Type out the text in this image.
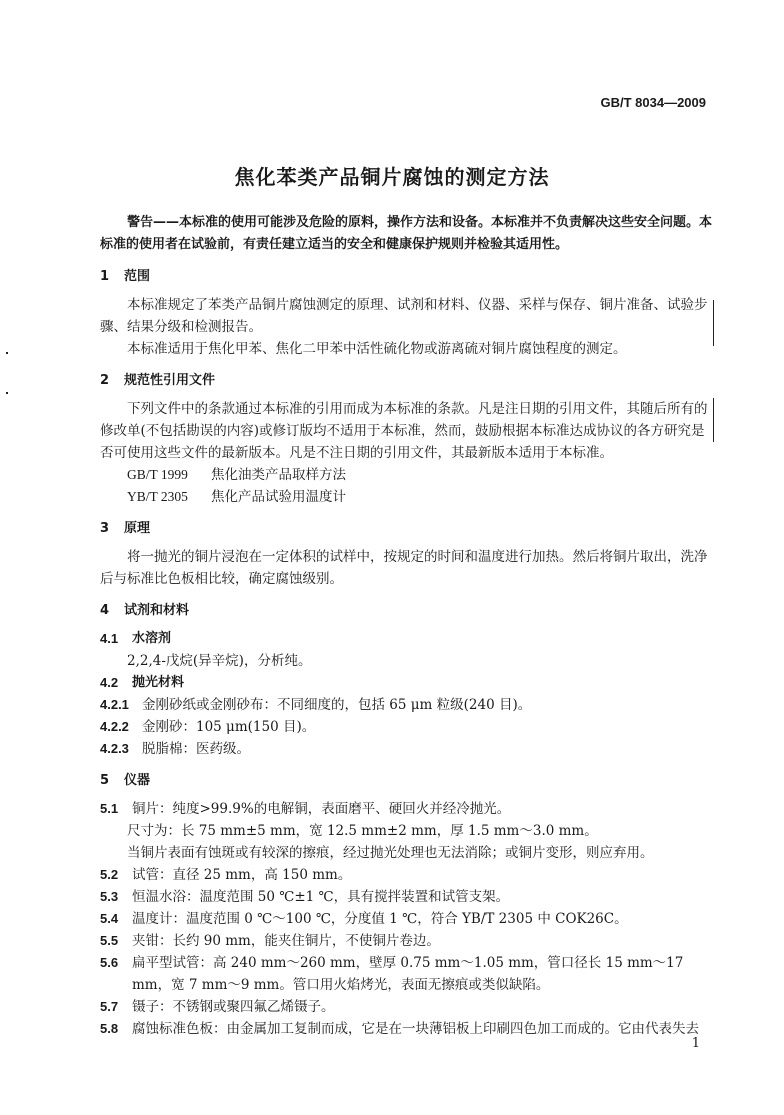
GB/T 8034—2009
焦化苯类产品铜片腐蚀的测定方法

警告——本标准的使用可能涉及危险的原料，操作方法和设备。本标准并不负责解决这些安全问题。本标准的使用者在试验前，有责任建立适当的安全和健康保护规则并检验其适用性。

1 范围

本标准规定了苯类产品铜片腐蚀测定的原理、试剂和材料、仪器、采样与保存、铜片准备、试验步骤、结果分级和检测报告。

本标准适用于焦化甲苯、焦化二甲苯中活性硫化物或游离硫对铜片腐蚀程度的测定。

2 规范性引用文件

下列文件中的条款通过本标准的引用而成为本标准的条款。凡是注日期的引用文件，其随后所有的修改单(不包括勘误的内容)或修订版均不适用于本标准，然而，鼓励根据本标准达成协议的各方研究是否可使用这些文件的最新版本。凡是不注日期的引用文件，其最新版本适用于本标准。

GB/T 1999 焦化油类产品取样方法
YB/T 2305 焦化产品试验用温度计
3 原理

将一抛光的铜片浸泡在一定体积的试样中，按规定的时间和温度进行加热。然后将铜片取出，洗净后与标准比色板相比较，确定腐蚀级别。

4 试剂和材料
4.1	水溶剂
2,2,4-戊烷(异辛烷)，分析纯。
4.2	抛光材料
4.2.1 金刚砂纸或金刚砂布：不同细度的，包括 65 μm 粒级(240 目)。
4.2.2 金刚砂：105 μm(150 目)。
4.2.3 脱脂棉：医药级。
5 仪器
5.1	铜片：纯度>99.9%的电解铜，表面磨平、硬回火并经冷抛光。
尺寸为：长 75 mm±5 mm，宽 12.5 mm±2 mm，厚 1.5 mm～3.0 mm。
当铜片表面有蚀斑或有较深的擦痕，经过抛光处理也无法消除；或铜片变形，则应弃用。
5.2	试管：直径 25 mm，高 150 mm。
5.3	恒温水浴：温度范围 50 ℃±1 ℃，具有搅拌装置和试管支架。
5.4	温度计：温度范围 0 ℃～100 ℃，分度值 1 ℃，符合 YB/T 2305 中 COK26C。
5.5	夹钳：长约 90 mm，能夹住铜片，不使铜片卷边。
5.6	扁平型试管：高 240 mm～260 mm，壁厚 0.75 mm～1.05 mm，管口径长 15 mm～17 mm，宽 7 mm～9 mm。管口用火焰烤光，表面无擦痕或类似缺陷。
5.7	镊子：不锈钢或聚四氟乙烯镊子。
5.8	腐蚀标准色板：由金属加工复制而成，它是在一块薄铝板上印刷四色加工而成的。它由代表失去
1
